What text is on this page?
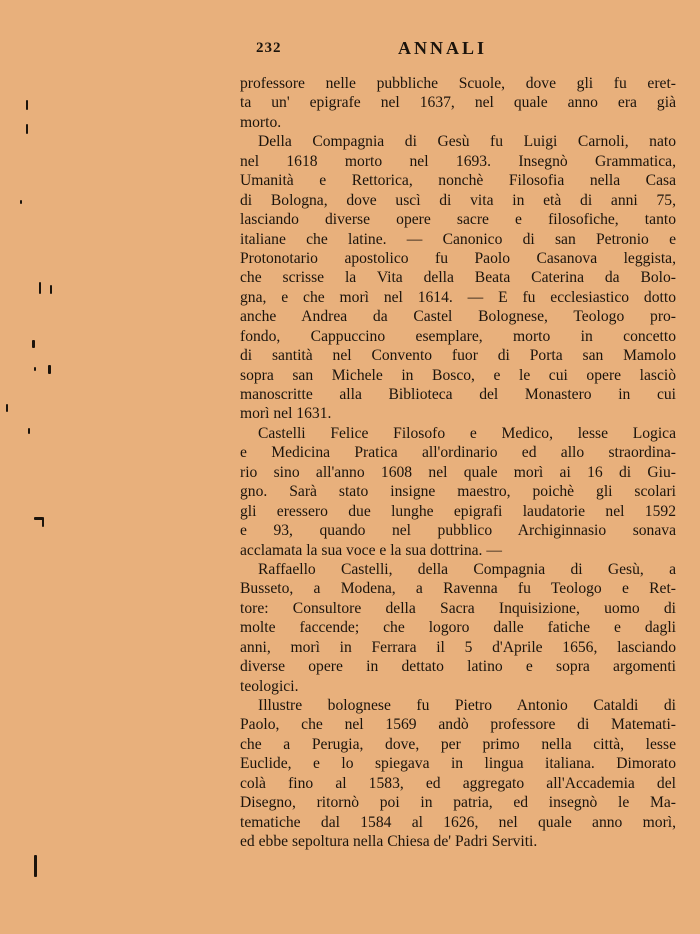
232	ANNALI
professore nelle pubbliche Scuole, dove gli fu eret-
ta un' epigrafe nel 1637, nel quale anno era già
morto.
Della Compagnia di Gesù fu Luigi Carnoli, nato
nel 1618 morto nel 1693. Insegnò Grammatica,
Umanità e Rettorica, nonchè Filosofia nella Casa
di Bologna, dove uscì di vita in età di anni 75,
lasciando diverse opere sacre e filosofiche, tanto
italiane che latine. — Canonico di san Petronio e
Protonotario apostolico fu Paolo Casanova leggista,
che scrisse la Vita della Beata Caterina da Bolo-
gna, e che morì nel 1614. — E fu ecclesiastico dotto
anche Andrea da Castel Bolognese, Teologo pro-
fondo, Cappuccino esemplare, morto in concetto
di santità nel Convento fuor di Porta san Mamolo
sopra san Michele in Bosco, e le cui opere lasciò
manoscritte alla Biblioteca del Monastero in cui
morì nel 1631.
Castelli Felice Filosofo e Medico, lesse Logica
e Medicina Pratica all'ordinario ed allo straordina-
rio sino all'anno 1608 nel quale morì ai 16 di Giu-
gno. Sarà stato insigne maestro, poichè gli scolari
gli eressero due lunghe epigrafi laudatorie nel 1592
e 93, quando nel pubblico Archiginnasio sonava
acclamata la sua voce e la sua dottrina. —
Raffaello Castelli, della Compagnia di Gesù, a
Busseto, a Modena, a Ravenna fu Teologo e Ret-
tore: Consultore della Sacra Inquisizione, uomo di
molte faccende; che logoro dalle fatiche e dagli
anni, morì in Ferrara il 5 d'Aprile 1656, lasciando
diverse opere in dettato latino e sopra argomenti
teologici.
Illustre bolognese fu Pietro Antonio Cataldi di
Paolo, che nel 1569 andò professore di Matemati-
che a Perugia, dove, per primo nella città, lesse
Euclide, e lo spiegava in lingua italiana. Dimorato
colà fino al 1583, ed aggregato all'Accademia del
Disegno, ritornò poi in patria, ed insegnò le Ma-
tematiche dal 1584 al 1626, nel quale anno morì,
ed ebbe sepoltura nella Chiesa de' Padri Serviti.
